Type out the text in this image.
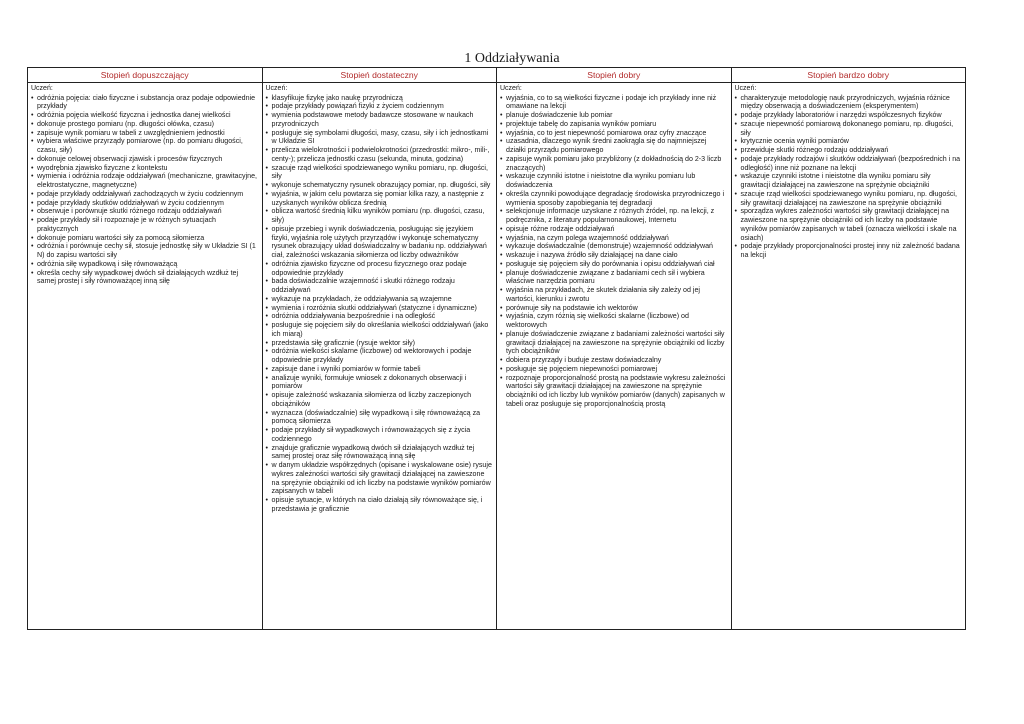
1 Oddziaływania
Stopień dopuszczający	Stopień dostateczny	Stopień dobry	Stopień bardzo dobry
Uczeń:
• odróżnia pojęcia: ciało fizyczne i substancja oraz podaje odpowiednie przykłady
• odróżnia pojęcia wielkość fizyczna i jednostka danej wielkości
• dokonuje prostego pomiaru (np. długości ołówka, czasu)
• zapisuje wynik pomiaru w tabeli z uwzględnieniem jednostki
• wybiera właściwe przyrządy pomiarowe (np. do pomiaru długości, czasu, siły)
• dokonuje celowej obserwacji zjawisk i procesów fizycznych
• wyodrębnia zjawisko fizyczne z kontekstu
• wymienia i odróżnia rodzaje oddziaływań (mechaniczne, grawitacyjne, elektrostatyczne, magnetyczne)
• podaje przykłady oddziaływań zachodzących w życiu codziennym
• podaje przykłady skutków oddziaływań w życiu codziennym
• obserwuje i porównuje skutki różnego rodzaju oddziaływań
• podaje przykłady sił i rozpoznaje je w różnych sytuacjach praktycznych
• dokonuje pomiaru wartości siły za pomocą siłomierza
• odróżnia i porównuje cechy sił, stosuje jednostkę siły w Układzie SI (1 N) do zapisu wartości siły
• odróżnia siłę wypadkową i siłę równoważącą
• określa cechy siły wypadkowej dwóch sił działających wzdłuż tej samej prostej i siły równoważącej inną siłę
Uczeń:
• klasyfikuje fizykę jako naukę przyrodniczą
• podaje przykłady powiązań fizyki z życiem codziennym
• wymienia podstawowe metody badawcze stosowane w naukach przyrodniczych
• posługuje się symbolami długości, masy, czasu, siły i ich jednostkami w Układzie SI
• przelicza wielokrotności i podwielokrotności (przedrostki: mikro-, mili-, centy-); przelicza jednostki czasu (sekunda, minuta, godzina)
• szacuje rząd wielkości spodziewanego wyniku pomiaru, np. długości, siły
• wykonuje schematyczny rysunek obrazujący pomiar, np. długości, siły
• wyjaśnia, w jakim celu powtarza się pomiar kilka razy, a następnie z uzyskanych wyników oblicza średnią
• oblicza wartość średnią kilku wyników pomiaru (np. długości, czasu, siły)
• opisuje przebieg i wynik doświadczenia, posługując się językiem fizyki, wyjaśnia rolę użytych przyrządów i wykonuje schematyczny rysunek obrazujący układ doświadczalny w badaniu np. oddziaływań ciał, zależności wskazania siłomierza od liczby odważników
• odróżnia zjawisko fizyczne od procesu fizycznego oraz podaje odpowiednie przykłady
• bada doświadczalnie wzajemność i skutki różnego rodzaju oddziaływań
• wykazuje na przykładach, że oddziaływania są wzajemne
• wymienia i rozróżnia skutki oddziaływań (statyczne i dynamiczne)
• odróżnia oddziaływania bezpośrednie i na odległość
• posługuje się pojęciem siły do określania wielkości oddziaływań (jako ich miarą)
• przedstawia siłę graficznie (rysuje wektor siły)
• odróżnia wielkości skalarne (liczbowe) od wektorowych i podaje odpowiednie przykłady
• zapisuje dane i wyniki pomiarów w formie tabeli
• analizuje wyniki, formułuje wniosek z dokonanych obserwacji i pomiarów
• opisuje zależność wskazania siłomierza od liczby zaczepionych obciążników
• wyznacza (doświadczalnie) siłę wypadkową i siłę równoważącą za pomocą siłomierza
• podaje przykłady sił wypadkowych i równoważących się z życia codziennego
• znajduje graficznie wypadkową dwóch sił działających wzdłuż tej samej prostej oraz siłę równoważącą inną siłę
• w danym układzie współrzędnych (opisane i wyskalowane osie) rysuje wykres zależności wartości siły grawitacji działającej na zawieszone na sprężynie obciążniki od ich liczby na podstawie wyników pomiarów zapisanych w tabeli
• opisuje sytuacje, w których na ciało działają siły równoważące się, i przedstawia je graficznie
Uczeń:
• wyjaśnia, co to są wielkości fizyczne i podaje ich przykłady inne niż omawiane na lekcji
• planuje doświadczenie lub pomiar
• projektuje tabelę do zapisania wyników pomiaru
• wyjaśnia, co to jest niepewność pomiarowa oraz cyfry znaczące
• uzasadnia, dlaczego wynik średni zaokrągla się do najmniejszej działki przyrządu pomiarowego
• zapisuje wynik pomiaru jako przybliżony (z dokładnością do 2-3 liczb znaczących)
• wskazuje czynniki istotne i nieistotne dla wyniku pomiaru lub doświadczenia
• określa czynniki powodujące degradację środowiska przyrodniczego i wymienia sposoby zapobiegania tej degradacji
• selekcjonuje informacje uzyskane z różnych źródeł, np. na lekcji, z podręcznika, z literatury popularnonaukowej, Internetu
• opisuje różne rodzaje oddziaływań
• wyjaśnia, na czym polega wzajemność oddziaływań
• wykazuje doświadczalnie (demonstruje) wzajemność oddziaływań
• wskazuje i nazywa źródło siły działającej na dane ciało
• posługuje się pojęciem siły do porównania i opisu oddziaływań ciał
• planuje doświadczenie związane z badaniami cech sił i wybiera właściwe narzędzia pomiaru
• wyjaśnia na przykładach, że skutek działania siły zależy od jej wartości, kierunku i zwrotu
• porównuje siły na podstawie ich wektorów
• wyjaśnia, czym różnią się wielkości skalarne (liczbowe) od wektorowych
• planuje doświadczenie związane z badaniami zależności wartości siły grawitacji działającej na zawieszone na sprężynie obciążniki od liczby tych obciążników
• dobiera przyrządy i buduje zestaw doświadczalny
• posługuje się pojęciem niepewności pomiarowej
• rozpoznaje proporcjonalność prostą na podstawie wykresu zależności wartości siły grawitacji działającej na zawieszone na sprężynie obciążniki od ich liczby lub wyników pomiarów (danych) zapisanych w tabeli oraz posługuje się proporcjonalnością prostą
Uczeń:
• charakteryzuje metodologię nauk przyrodniczych, wyjaśnia różnice między obserwacją a doświadczeniem (eksperymentem)
• podaje przykłady laboratoriów i narzędzi współczesnych fizyków
• szacuje niepewność pomiarową dokonanego pomiaru, np. długości, siły
• krytycznie ocenia wyniki pomiarów
• przewiduje skutki różnego rodzaju oddziaływań
• podaje przykłady rodzajów i skutków oddziaływań (bezpośrednich i na odległość) inne niż poznane na lekcji
• wskazuje czynniki istotne i nieistotne dla wyniku pomiaru siły grawitacji działającej na zawieszone na sprężynie obciążniki
• szacuje rząd wielkości spodziewanego wyniku pomiaru, np. długości, siły grawitacji działającej na zawieszone na sprężynie obciążniki
• sporządza wykres zależności wartości siły grawitacji działającej na zawieszone na sprężynie obciążniki od ich liczby na podstawie wyników pomiarów zapisanych w tabeli (oznacza wielkości i skale na osiach)
• podaje przykłady proporcjonalności prostej inny niż zależność badana na lekcji
